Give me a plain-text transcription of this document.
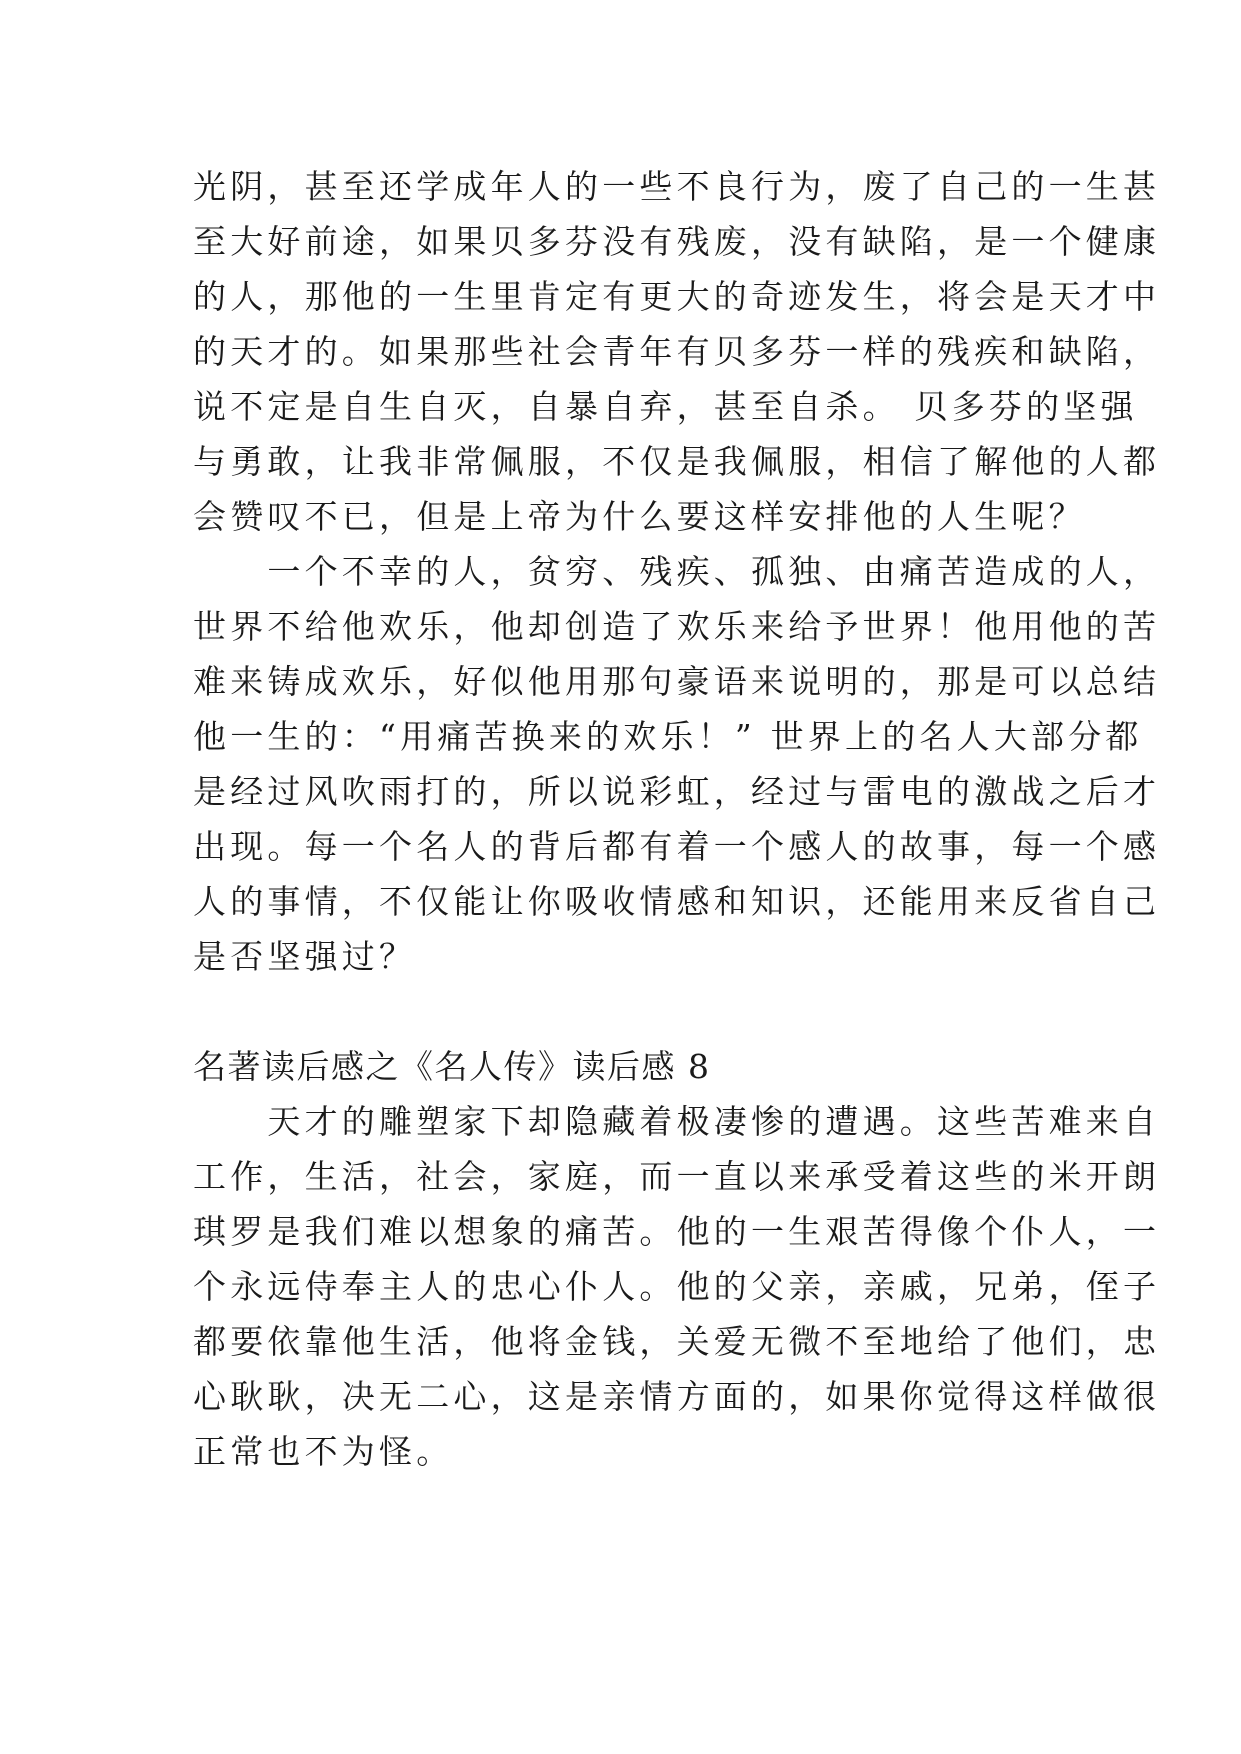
光阴，甚至还学成年人的一些不良行为，废了自己的一生甚
至大好前途，如果贝多芬没有残废，没有缺陷，是一个健康
的人，那他的一生里肯定有更大的奇迹发生，将会是天才中
的天才的。如果那些社会青年有贝多芬一样的残疾和缺陷，
说不定是自生自灭，自暴自弃，甚至自杀。 贝多芬的坚强
与勇敢，让我非常佩服，不仅是我佩服，相信了解他的人都
会赞叹不已，但是上帝为什么要这样安排他的人生呢？
　　一个不幸的人，贫穷、残疾、孤独、由痛苦造成的人，
世界不给他欢乐，他却创造了欢乐来给予世界！他用他的苦
难来铸成欢乐，好似他用那句豪语来说明的，那是可以总结
他一生的：“用痛苦换来的欢乐！” 世界上的名人大部分都
是经过风吹雨打的，所以说彩虹，经过与雷电的激战之后才
出现。每一个名人的背后都有着一个感人的故事，每一个感
人的事情，不仅能让你吸收情感和知识，还能用来反省自己
是否坚强过？
名著读后感之《名人传》读后感 8
　　天才的雕塑家下却隐藏着极凄惨的遭遇。这些苦难来自
工作，生活，社会，家庭，而一直以来承受着这些的米开朗
琪罗是我们难以想象的痛苦。他的一生艰苦得像个仆人，一
个永远侍奉主人的忠心仆人。他的父亲，亲戚，兄弟，侄子
都要依靠他生活，他将金钱，关爱无微不至地给了他们，忠
心耿耿，决无二心，这是亲情方面的，如果你觉得这样做很
正常也不为怪。
